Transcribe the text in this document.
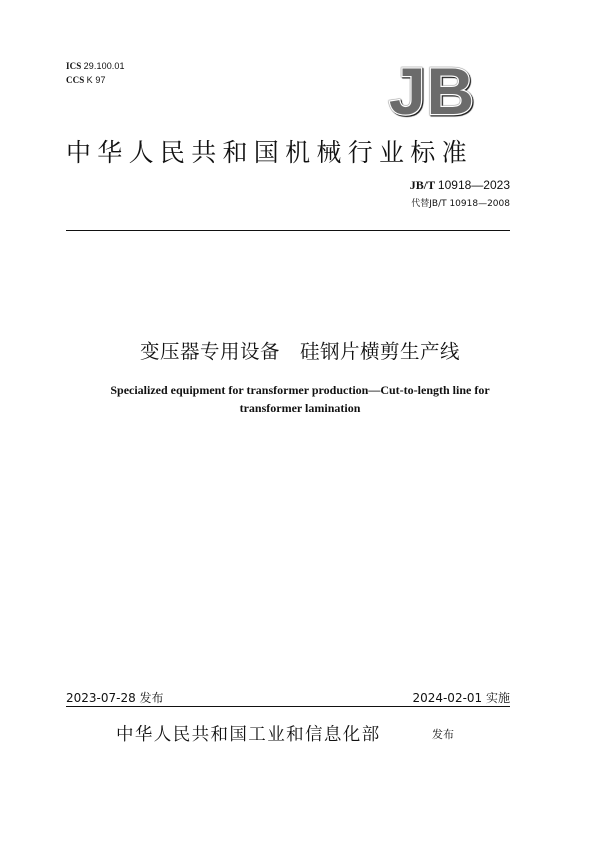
ICS 29.100.01
CCS K 97	JB
中华人民共和国机械行业标准
JB/T 10918—2023
代替JB/T 10918—2008
变压器专用设备   硅钢片横剪生产线
Specialized equipment for transformer production—Cut-to-length line for
transformer lamination
2023-07-28 发布	2024-02-01 实施
中华人民共和国工业和信息化部	发布
